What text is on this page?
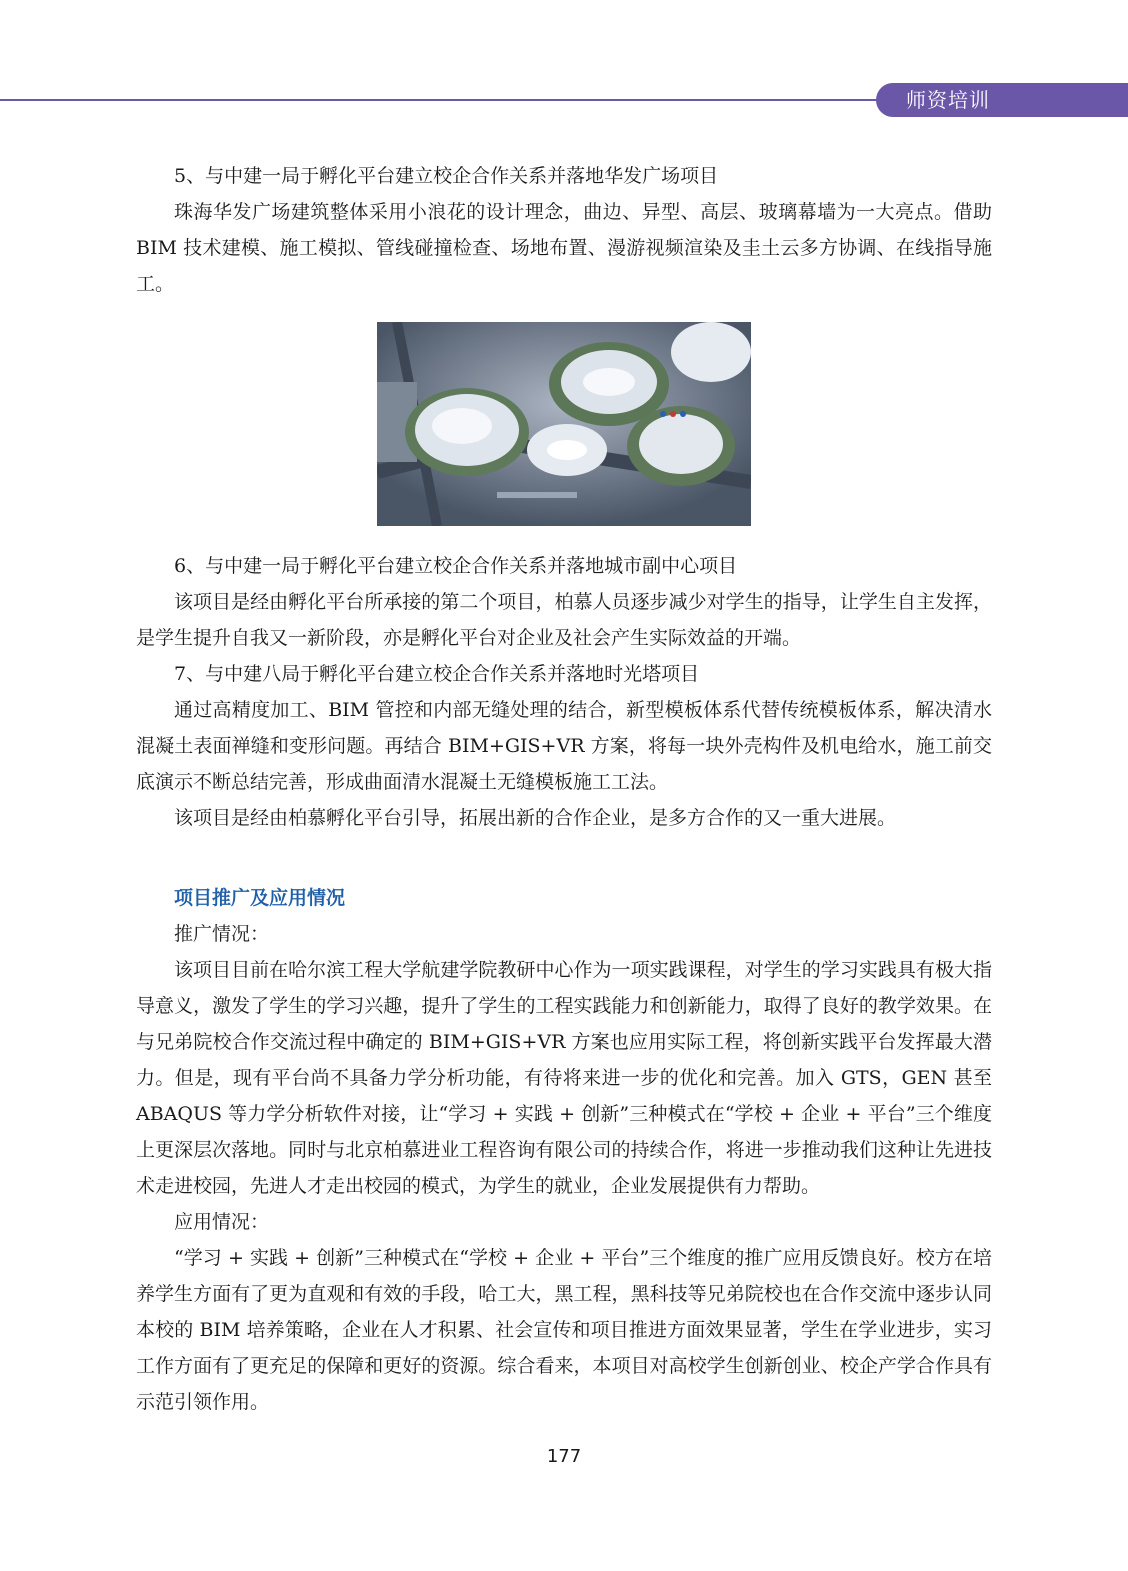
师资培训

5、与中建一局于孵化平台建立校企合作关系并落地华发广场项目

珠海华发广场建筑整体采用小浪花的设计理念，曲边、异型、高层、玻璃幕墙为一大亮点。借助 BIM 技术建模、施工模拟、管线碰撞检查、场地布置、漫游视频渲染及圭土云多方协调、在线指导施工。

6、与中建一局于孵化平台建立校企合作关系并落地城市副中心项目

该项目是经由孵化平台所承接的第二个项目，柏慕人员逐步减少对学生的指导，让学生自主发挥，是学生提升自我又一新阶段，亦是孵化平台对企业及社会产生实际效益的开端。

7、与中建八局于孵化平台建立校企合作关系并落地时光塔项目

通过高精度加工、BIM 管控和内部无缝处理的结合，新型模板体系代替传统模板体系，解决清水混凝土表面禅缝和变形问题。再结合 BIM+GIS+VR 方案，将每一块外壳构件及机电给水，施工前交底演示不断总结完善，形成曲面清水混凝土无缝模板施工工法。

该项目是经由柏慕孵化平台引导，拓展出新的合作企业，是多方合作的又一重大进展。

项目推广及应用情况

推广情况：

该项目目前在哈尔滨工程大学航建学院教研中心作为一项实践课程，对学生的学习实践具有极大指导意义，激发了学生的学习兴趣，提升了学生的工程实践能力和创新能力，取得了良好的教学效果。在与兄弟院校合作交流过程中确定的 BIM+GIS+VR 方案也应用实际工程，将创新实践平台发挥最大潜力。但是，现有平台尚不具备力学分析功能，有待将来进一步的优化和完善。加入 GTS，GEN 甚至 ABAQUS 等力学分析软件对接，让“学习 + 实践 + 创新”三种模式在“学校 + 企业 + 平台”三个维度上更深层次落地。同时与北京柏慕进业工程咨询有限公司的持续合作，将进一步推动我们这种让先进技术走进校园，先进人才走出校园的模式，为学生的就业，企业发展提供有力帮助。

应用情况：

“学习 + 实践 + 创新”三种模式在“学校 + 企业 + 平台”三个维度的推广应用反馈良好。校方在培养学生方面有了更为直观和有效的手段，哈工大，黑工程，黑科技等兄弟院校也在合作交流中逐步认同本校的 BIM 培养策略，企业在人才积累、社会宣传和项目推进方面效果显著，学生在学业进步，实习工作方面有了更充足的保障和更好的资源。综合看来，本项目对高校学生创新创业、校企产学合作具有示范引领作用。

177
